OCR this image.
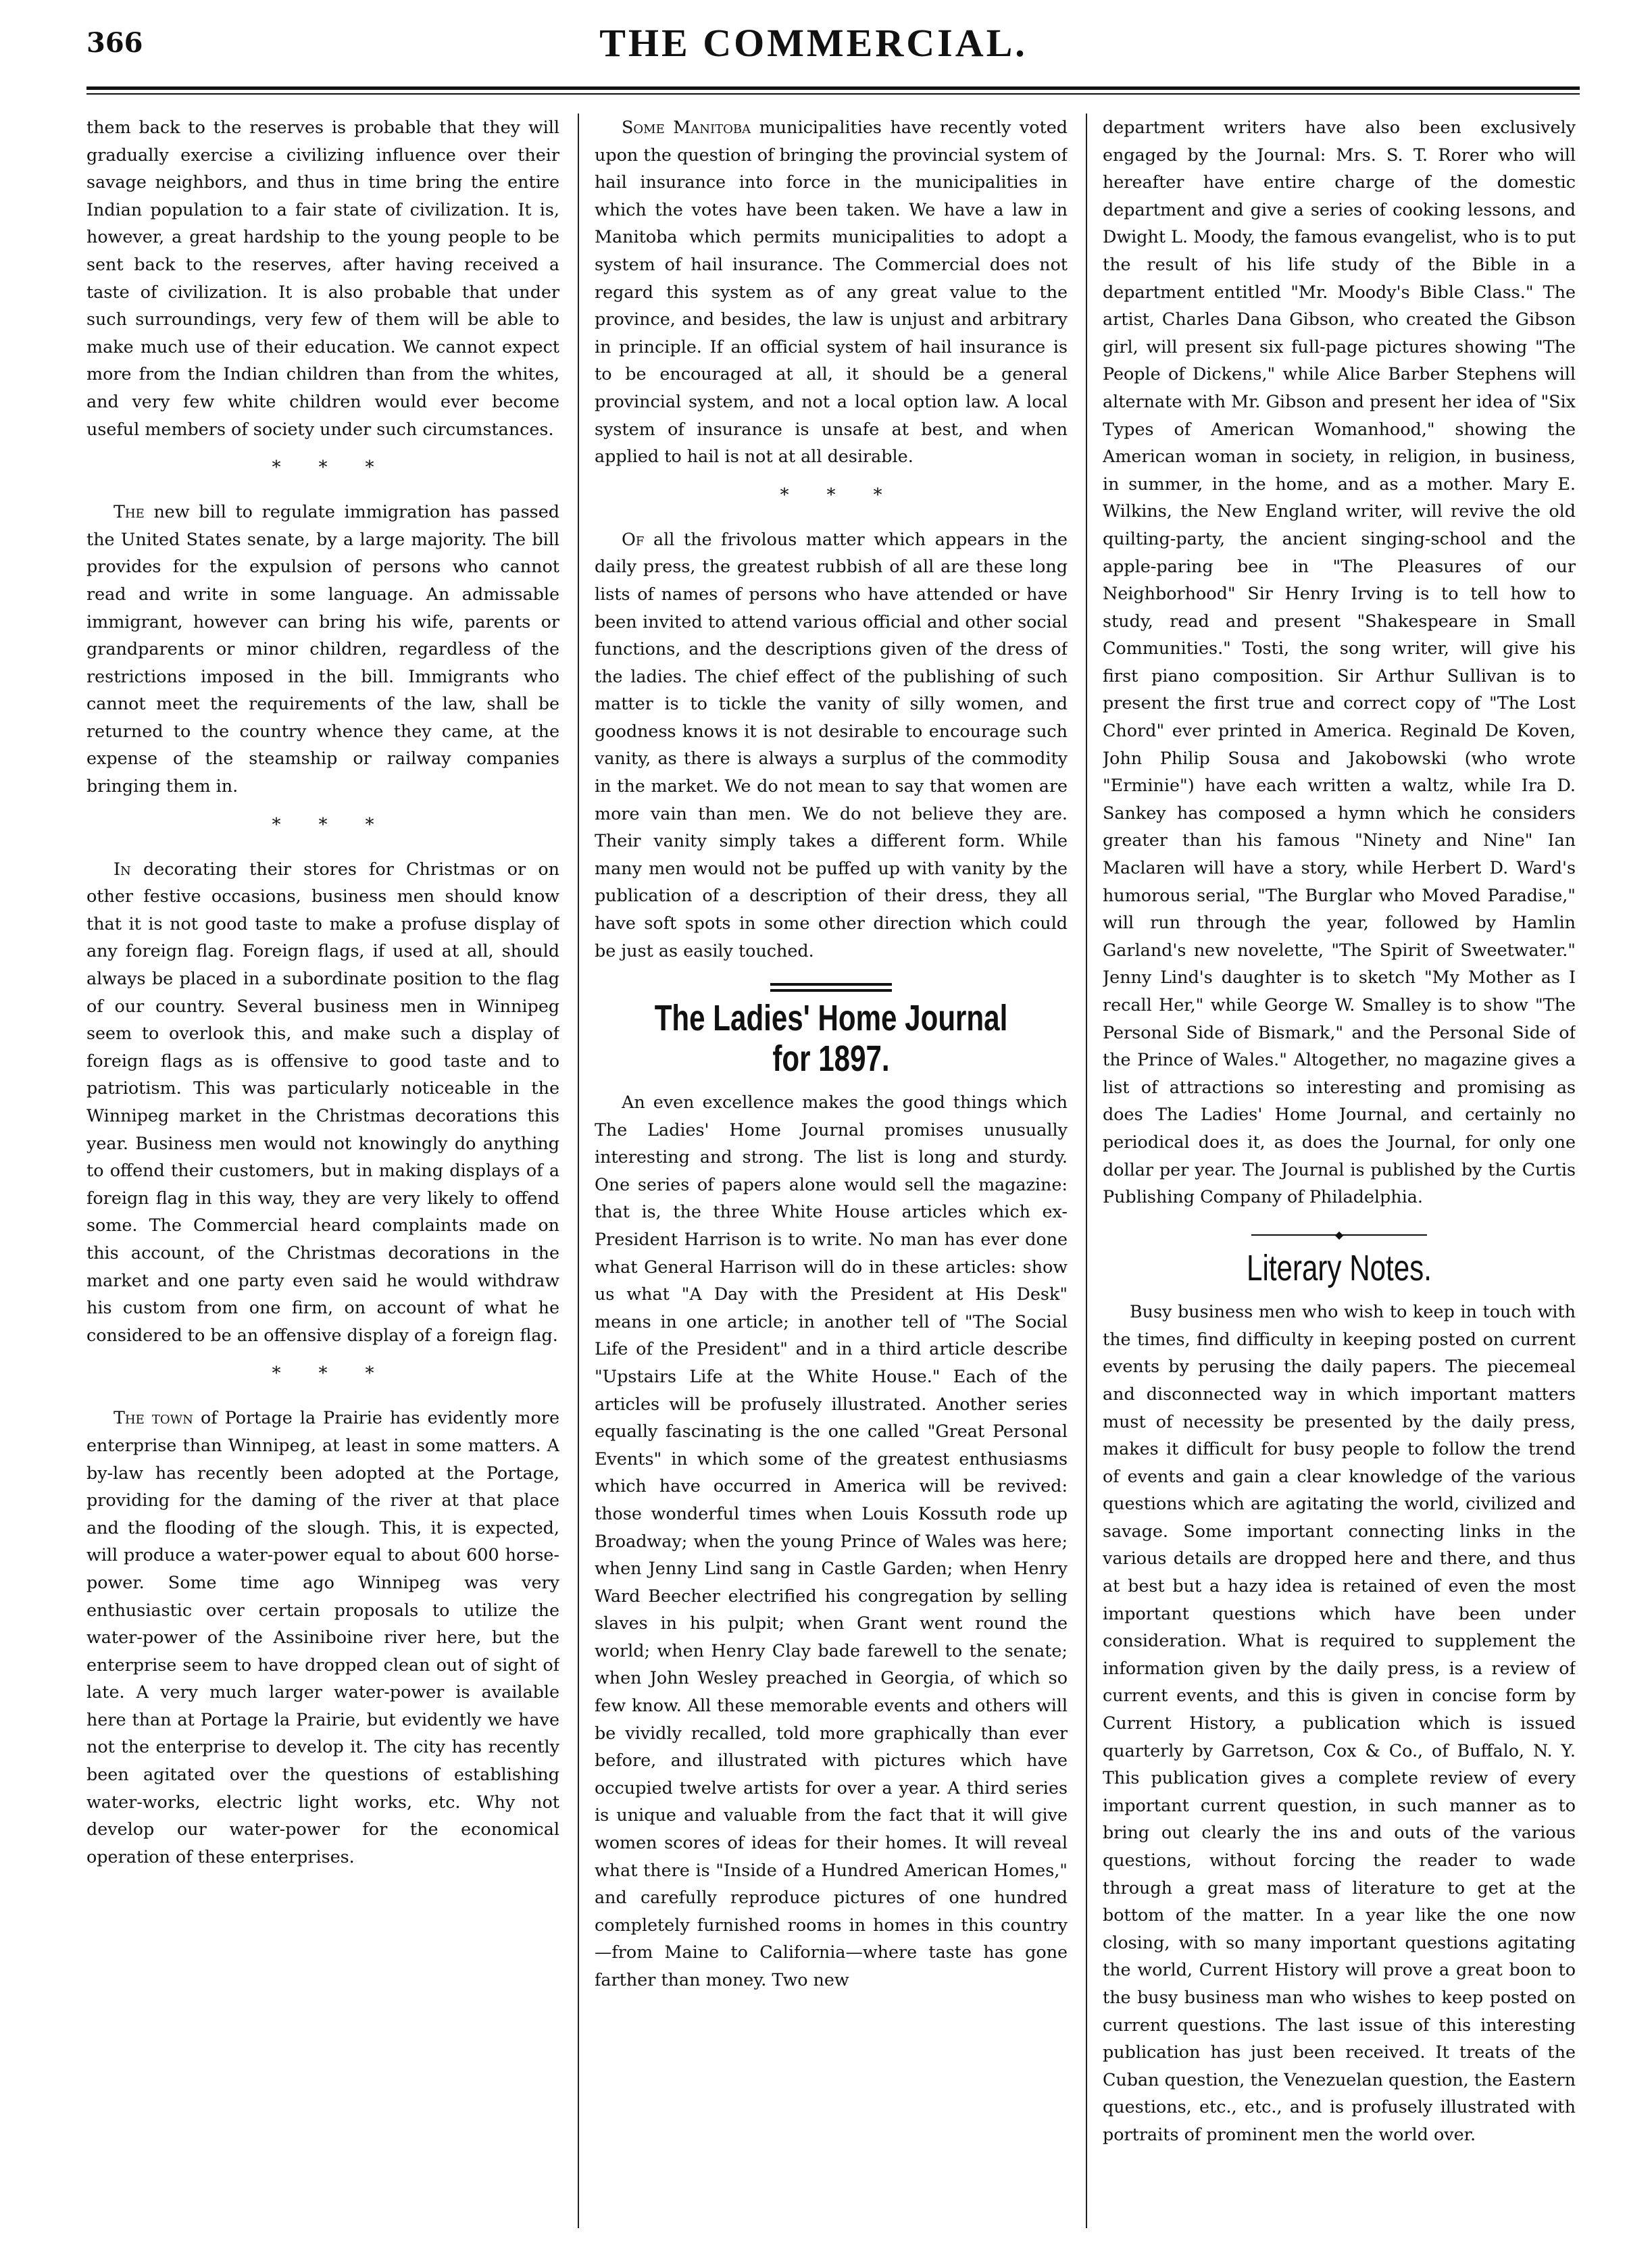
366	THE COMMERCIAL.

them back to the reserves is probable that they will gradually exercise a civilizing influence over their savage neighbors, and thus in time bring the entire Indian population to a fair state of civilization. It is, however, a great hardship to the young people to be sent back to the reserves, after having received a taste of civilization. It is also probable that under such surroundings, very few of them will be able to make much use of their education. We cannot expect more from the Indian children than from the whites, and very few white children would ever become useful members of society under such circumstances.

***

The new bill to regulate immigration has passed the United States senate, by a large majority. The bill provides for the expulsion of persons who cannot read and write in some language. An admissable immigrant, however can bring his wife, parents or grandparents or minor children, regardless of the restrictions imposed in the bill. Immigrants who cannot meet the requirements of the law, shall be returned to the country whence they came, at the expense of the steamship or railway companies bringing them in.

***

In decorating their stores for Christmas or on other festive occasions, business men should know that it is not good taste to make a profuse display of any foreign flag. Foreign flags, if used at all, should always be placed in a subordinate position to the flag of our country. Several business men in Winnipeg seem to overlook this, and make such a display of foreign flags as is offensive to good taste and to patriotism. This was particularly noticeable in the Winnipeg market in the Christmas decorations this year. Business men would not knowingly do anything to offend their customers, but in making displays of a foreign flag in this way, they are very likely to offend some. The Commercial heard complaints made on this account, of the Christmas decorations in the market and one party even said he would withdraw his custom from one firm, on account of what he considered to be an offensive display of a foreign flag.

***

The town of Portage la Prairie has evidently more enterprise than Winnipeg, at least in some matters. A by-law has recently been adopted at the Portage, providing for the daming of the river at that place and the flooding of the slough. This, it is expected, will produce a water-power equal to about 600 horse-power. Some time ago Winnipeg was very enthusiastic over certain proposals to utilize the water-power of the Assiniboine river here, but the enterprise seem to have dropped clean out of sight of late. A very much larger water-power is available here than at Portage la Prairie, but evidently we have not the enterprise to develop it. The city has recently been agitated over the questions of establishing water-works, electric light works, etc. Why not develop our water-power for the economical operation of these enterprises.

Some Manitoba municipalities have recently voted upon the question of bringing the provincial system of hail insurance into force in the municipalities in which the votes have been taken. We have a law in Manitoba which permits municipalities to adopt a system of hail insurance. The Commercial does not regard this system as of any great value to the province, and besides, the law is unjust and arbitrary in principle. If an official system of hail insurance is to be encouraged at all, it should be a general provincial system, and not a local option law. A local system of insurance is unsafe at best, and when applied to hail is not at all desirable.

***

Of all the frivolous matter which appears in the daily press, the greatest rubbish of all are these long lists of names of persons who have attended or have been invited to attend various official and other social functions, and the descriptions given of the dress of the ladies. The chief effect of the publishing of such matter is to tickle the vanity of silly women, and goodness knows it is not desirable to encourage such vanity, as there is always a surplus of the commodity in the market. We do not mean to say that women are more vain than men. We do not believe they are. Their vanity simply takes a different form. While many men would not be puffed up with vanity by the publication of a description of their dress, they all have soft spots in some other direction which could be just as easily touched.

The Ladies' Home Journal for 1897.

An even excellence makes the good things which The Ladies' Home Journal promises unusually interesting and strong. The list is long and sturdy. One series of papers alone would sell the magazine: that is, the three White House articles which ex-President Harrison is to write. No man has ever done what General Harrison will do in these articles: show us what "A Day with the President at His Desk" means in one article; in another tell of "The Social Life of the President" and in a third article describe "Upstairs Life at the White House." Each of the articles will be profusely illustrated. Another series equally fascinating is the one called "Great Personal Events" in which some of the greatest enthusiasms which have occurred in America will be revived: those wonderful times when Louis Kossuth rode up Broadway; when the young Prince of Wales was here; when Jenny Lind sang in Castle Garden; when Henry Ward Beecher electrified his congregation by selling slaves in his pulpit; when Grant went round the world; when Henry Clay bade farewell to the senate; when John Wesley preached in Georgia, of which so few know. All these memorable events and others will be vividly recalled, told more graphically than ever before, and illustrated with pictures which have occupied twelve artists for over a year. A third series is unique and valuable from the fact that it will give women scores of ideas for their homes. It will reveal what there is "Inside of a Hundred American Homes," and carefully reproduce pictures of one hundred completely furnished rooms in homes in this country—from Maine to California—where taste has gone farther than money. Two new

department writers have also been exclusively engaged by the Journal: Mrs. S. T. Rorer who will hereafter have entire charge of the domestic department and give a series of cooking lessons, and Dwight L. Moody, the famous evangelist, who is to put the result of his life study of the Bible in a department entitled "Mr. Moody's Bible Class." The artist, Charles Dana Gibson, who created the Gibson girl, will present six full-page pictures showing "The People of Dickens," while Alice Barber Stephens will alternate with Mr. Gibson and present her idea of "Six Types of American Womanhood," showing the American woman in society, in religion, in business, in summer, in the home, and as a mother. Mary E. Wilkins, the New England writer, will revive the old quilting-party, the ancient singing-school and the apple-paring bee in "The Pleasures of our Neighborhood" Sir Henry Irving is to tell how to study, read and present "Shakespeare in Small Communities." Tosti, the song writer, will give his first piano composition. Sir Arthur Sullivan is to present the first true and correct copy of "The Lost Chord" ever printed in America. Reginald De Koven, John Philip Sousa and Jakobowski (who wrote "Erminie") have each written a waltz, while Ira D. Sankey has composed a hymn which he considers greater than his famous "Ninety and Nine" Ian Maclaren will have a story, while Herbert D. Ward's humorous serial, "The Burglar who Moved Paradise," will run through the year, followed by Hamlin Garland's new novelette, "The Spirit of Sweetwater." Jenny Lind's daughter is to sketch "My Mother as I recall Her," while George W. Smalley is to show "The Personal Side of Bismark," and the Personal Side of the Prince of Wales." Altogether, no magazine gives a list of attractions so interesting and promising as does The Ladies' Home Journal, and certainly no periodical does it, as does the Journal, for only one dollar per year. The Journal is published by the Curtis Publishing Company of Philadelphia.

◆
Literary Notes.

Busy business men who wish to keep in touch with the times, find difficulty in keeping posted on current events by perusing the daily papers. The piecemeal and disconnected way in which important matters must of necessity be presented by the daily press, makes it difficult for busy people to follow the trend of events and gain a clear knowledge of the various questions which are agitating the world, civilized and savage. Some important connecting links in the various details are dropped here and there, and thus at best but a hazy idea is retained of even the most important questions which have been under consideration. What is required to supplement the information given by the daily press, is a review of current events, and this is given in concise form by Current History, a publication which is issued quarterly by Garretson, Cox & Co., of Buffalo, N. Y. This publication gives a complete review of every important current question, in such manner as to bring out clearly the ins and outs of the various questions, without forcing the reader to wade through a great mass of literature to get at the bottom of the matter. In a year like the one now closing, with so many important questions agitating the world, Current History will prove a great boon to the busy business man who wishes to keep posted on current questions. The last issue of this interesting publication has just been received. It treats of the Cuban question, the Venezuelan question, the Eastern questions, etc., etc., and is profusely illustrated with portraits of prominent men the world over.
